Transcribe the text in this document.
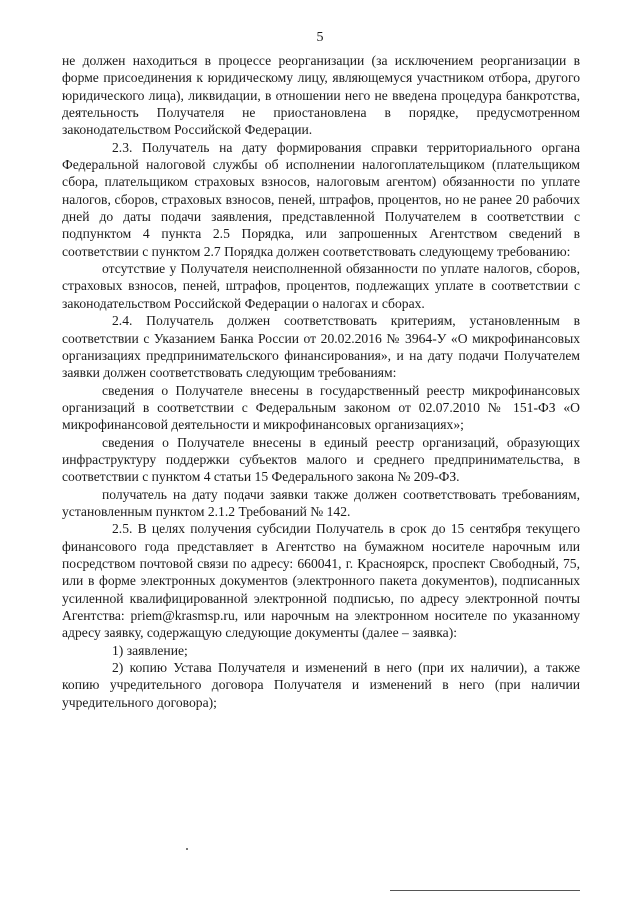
5

не должен находиться в процессе реорганизации (за исключением реорганизации в форме присоединения к юридическому лицу, являющемуся участником отбора, другого юридического лица), ликвидации, в отношении него не введена процедура банкротства, деятельность Получателя не приостановлена в порядке, предусмотренном законодательством Российской Федерации.

2.3. Получатель на дату формирования справки территориального органа Федеральной налоговой службы об исполнении налогоплательщиком (плательщиком сбора, плательщиком страховых взносов, налоговым агентом) обязанности по уплате налогов, сборов, страховых взносов, пеней, штрафов, процентов, но не ранее 20 рабочих дней до даты подачи заявления, представленной Получателем в соответствии с подпунктом 4 пункта 2.5 Порядка, или запрошенных Агентством сведений в соответствии с пунктом 2.7 Порядка должен соответствовать следующему требованию:

отсутствие у Получателя неисполненной обязанности по уплате налогов, сборов, страховых взносов, пеней, штрафов, процентов, подлежащих уплате в соответствии с законодательством Российской Федерации о налогах и сборах.

2.4. Получатель должен соответствовать критериям, установленным в соответствии с Указанием Банка России от 20.02.2016 № 3964-У «О микрофинансовых организациях предпринимательского финансирования», и на дату подачи Получателем заявки должен соответствовать следующим требованиям:

сведения о Получателе внесены в государственный реестр микрофинансовых организаций в соответствии с Федеральным законом от 02.07.2010 № 151-ФЗ «О микрофинансовой деятельности и микрофинансовых организациях»;

сведения о Получателе внесены в единый реестр организаций, образующих инфраструктуру поддержки субъектов малого и среднего предпринимательства, в соответствии с пунктом 4 статьи 15 Федерального закона № 209-ФЗ.

получатель на дату подачи заявки также должен соответствовать требованиям, установленным пунктом 2.1.2 Требований № 142.

2.5. В целях получения субсидии Получатель в срок до 15 сентября текущего финансового года представляет в Агентство на бумажном носителе нарочным или посредством почтовой связи по адресу: 660041, г. Красноярск, проспект Свободный, 75, или в форме электронных документов (электронного пакета документов), подписанных усиленной квалифицированной электронной подписью, по адресу электронной почты Агентства: priem@krasmsp.ru, или нарочным на электронном носителе по указанному адресу заявку, содержащую следующие документы (далее – заявка):

1) заявление;

2) копию Устава Получателя и изменений в него (при их наличии), а также копию учредительного договора Получателя и изменений в него (при наличии учредительного договора);
